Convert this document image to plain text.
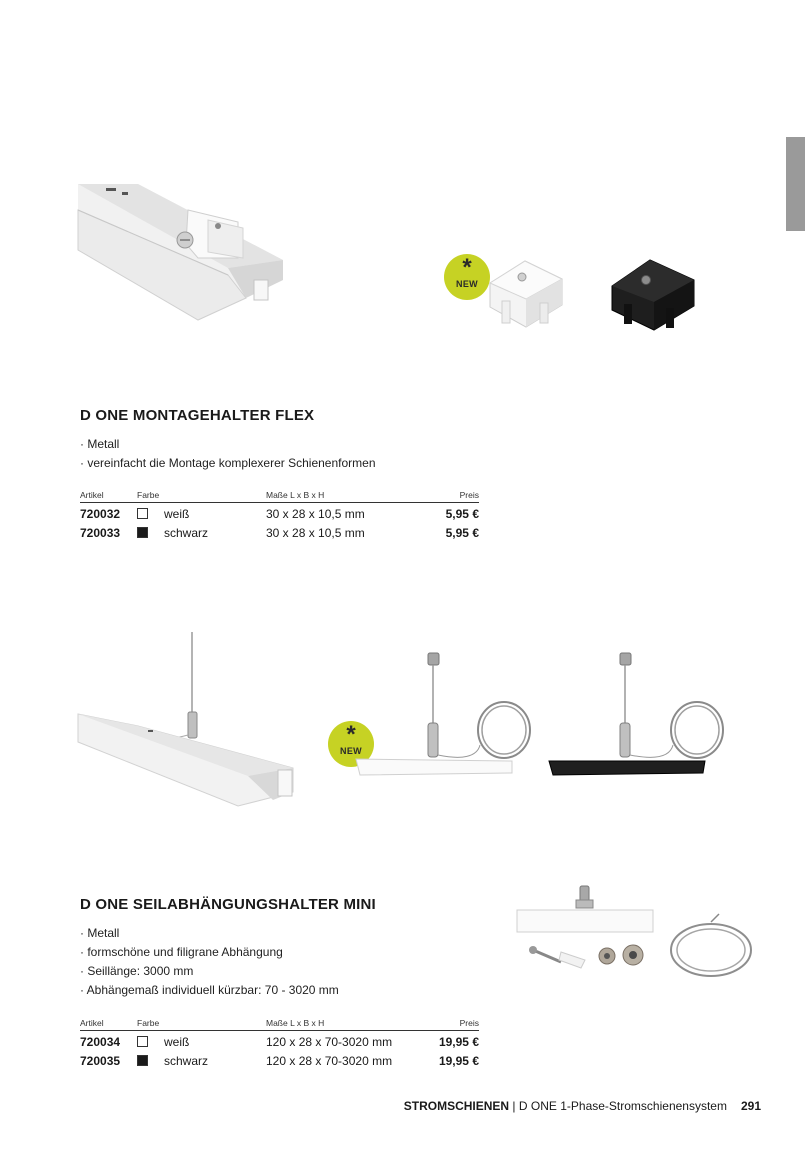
*
NEW
D ONE MONTAGEHALTER FLEX
· Metall
· vereinfacht die Montage komplexerer Schienenformen
Artikel	Farbe	Maße L x B x H	Preis
720032	weiß	30 x 28 x 10,5 mm	5,95 €
720033	schwarz	30 x 28 x 10,5 mm	5,95 €
*
NEW
D ONE SEILABHÄNGUNGSHALTER MINI
· Metall
· formschöne und filigrane Abhängung
· Seillänge: 3000 mm
· Abhängemaß individuell kürzbar: 70 - 3020 mm
Artikel	Farbe	Maße L x B x H	Preis
720034	weiß	120 x 28 x 70-3020 mm	19,95 €
720035	schwarz	120 x 28 x 70-3020 mm	19,95 €
STROMSCHIENEN | D ONE 1-Phase-Stromschienensystem 291
